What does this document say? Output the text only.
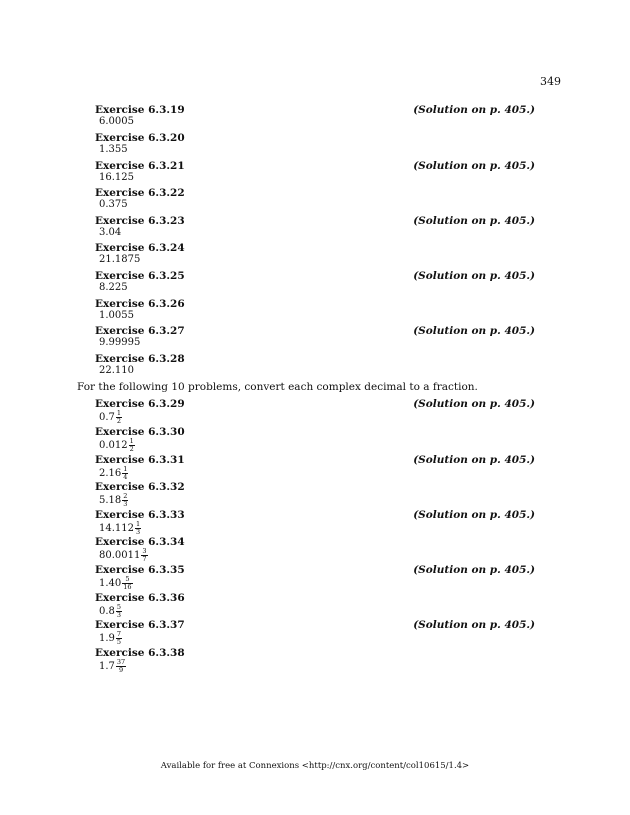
349
Exercise 6.3.19	(Solution on p. 405.)
6.0005
Exercise 6.3.20
1.355
Exercise 6.3.21	(Solution on p. 405.)
16.125
Exercise 6.3.22
0.375
Exercise 6.3.23	(Solution on p. 405.)
3.04
Exercise 6.3.24
21.1875
Exercise 6.3.25	(Solution on p. 405.)
8.225
Exercise 6.3.26
1.0055
Exercise 6.3.27	(Solution on p. 405.)
9.99995
Exercise 6.3.28
22.110
For the following 10 problems, convert each complex decimal to a fraction.
Exercise 6.3.29	(Solution on p. 405.)
$0.7 \frac{1}{2}$
Exercise 6.3.30
$0.012 \frac{1}{2}$
Exercise 6.3.31	(Solution on p. 405.)
$2.16 \frac{1}{4}$
Exercise 6.3.32
$5.18 \frac{2}{3}$
Exercise 6.3.33	(Solution on p. 405.)
$14.112 \frac{1}{3}$
Exercise 6.3.34
$80.0011 \frac{3}{7}$
Exercise 6.3.35	(Solution on p. 405.)
$1.40 \frac{5}{16}$
Exercise 6.3.36
$0.8 \frac{5}{3}$
Exercise 6.3.37	(Solution on p. 405.)
$1.9 \frac{7}{5}$
Exercise 6.3.38
$1.7 \frac{37}{9}$
Available for free at Connexions <http://cnx.org/content/col10615/1.4>
